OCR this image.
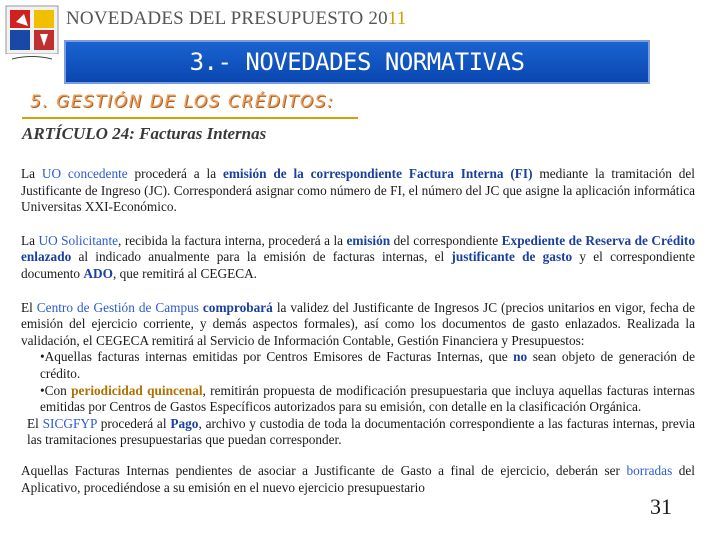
NOVEDADES DEL PRESUPUESTO 2011
3.- NOVEDADES NORMATIVAS
5. GESTIÓN DE LOS CRÉDITOS:
ARTÍCULO 24: Facturas Internas

La UO concedente procederá a la emisión de la correspondiente Factura Interna (FI) mediante la tramitación del Justificante de Ingreso (JC). Corresponderá asignar como número de FI, el número del JC que asigne la aplicación informática Universitas XXI-Económico.

La UO Solicitante, recibida la factura interna, procederá a la emisión del correspondiente Expediente de Reserva de Crédito enlazado al indicado anualmente para la emisión de facturas internas, el justificante de gasto y el correspondiente documento ADO, que remitirá al CEGECA.

El Centro de Gestión de Campus comprobará la validez del Justificante de Ingresos JC (precios unitarios en vigor, fecha de emisión del ejercicio corriente, y demás aspectos formales), así como los documentos de gasto enlazados. Realizada la validación, el CEGECA remitirá al Servicio de Información Contable, Gestión Financiera y Presupuestos:

•Aquellas facturas internas emitidas por Centros Emisores de Facturas Internas, que no sean objeto de generación de crédito.

•Con periodicidad quincenal, remitirán propuesta de modificación presupuestaria que incluya aquellas facturas internas emitidas por Centros de Gastos Específicos autorizados para su emisión, con detalle en la clasificación Orgánica.

El SICGFYP procederá al Pago, archivo y custodia de toda la documentación correspondiente a las facturas internas, previa las tramitaciones presupuestarias que puedan corresponder.

Aquellas Facturas Internas pendientes de asociar a Justificante de Gasto a final de ejercicio, deberán ser borradas del Aplicativo, procediéndose a su emisión en el nuevo ejercicio presupuestario

31
